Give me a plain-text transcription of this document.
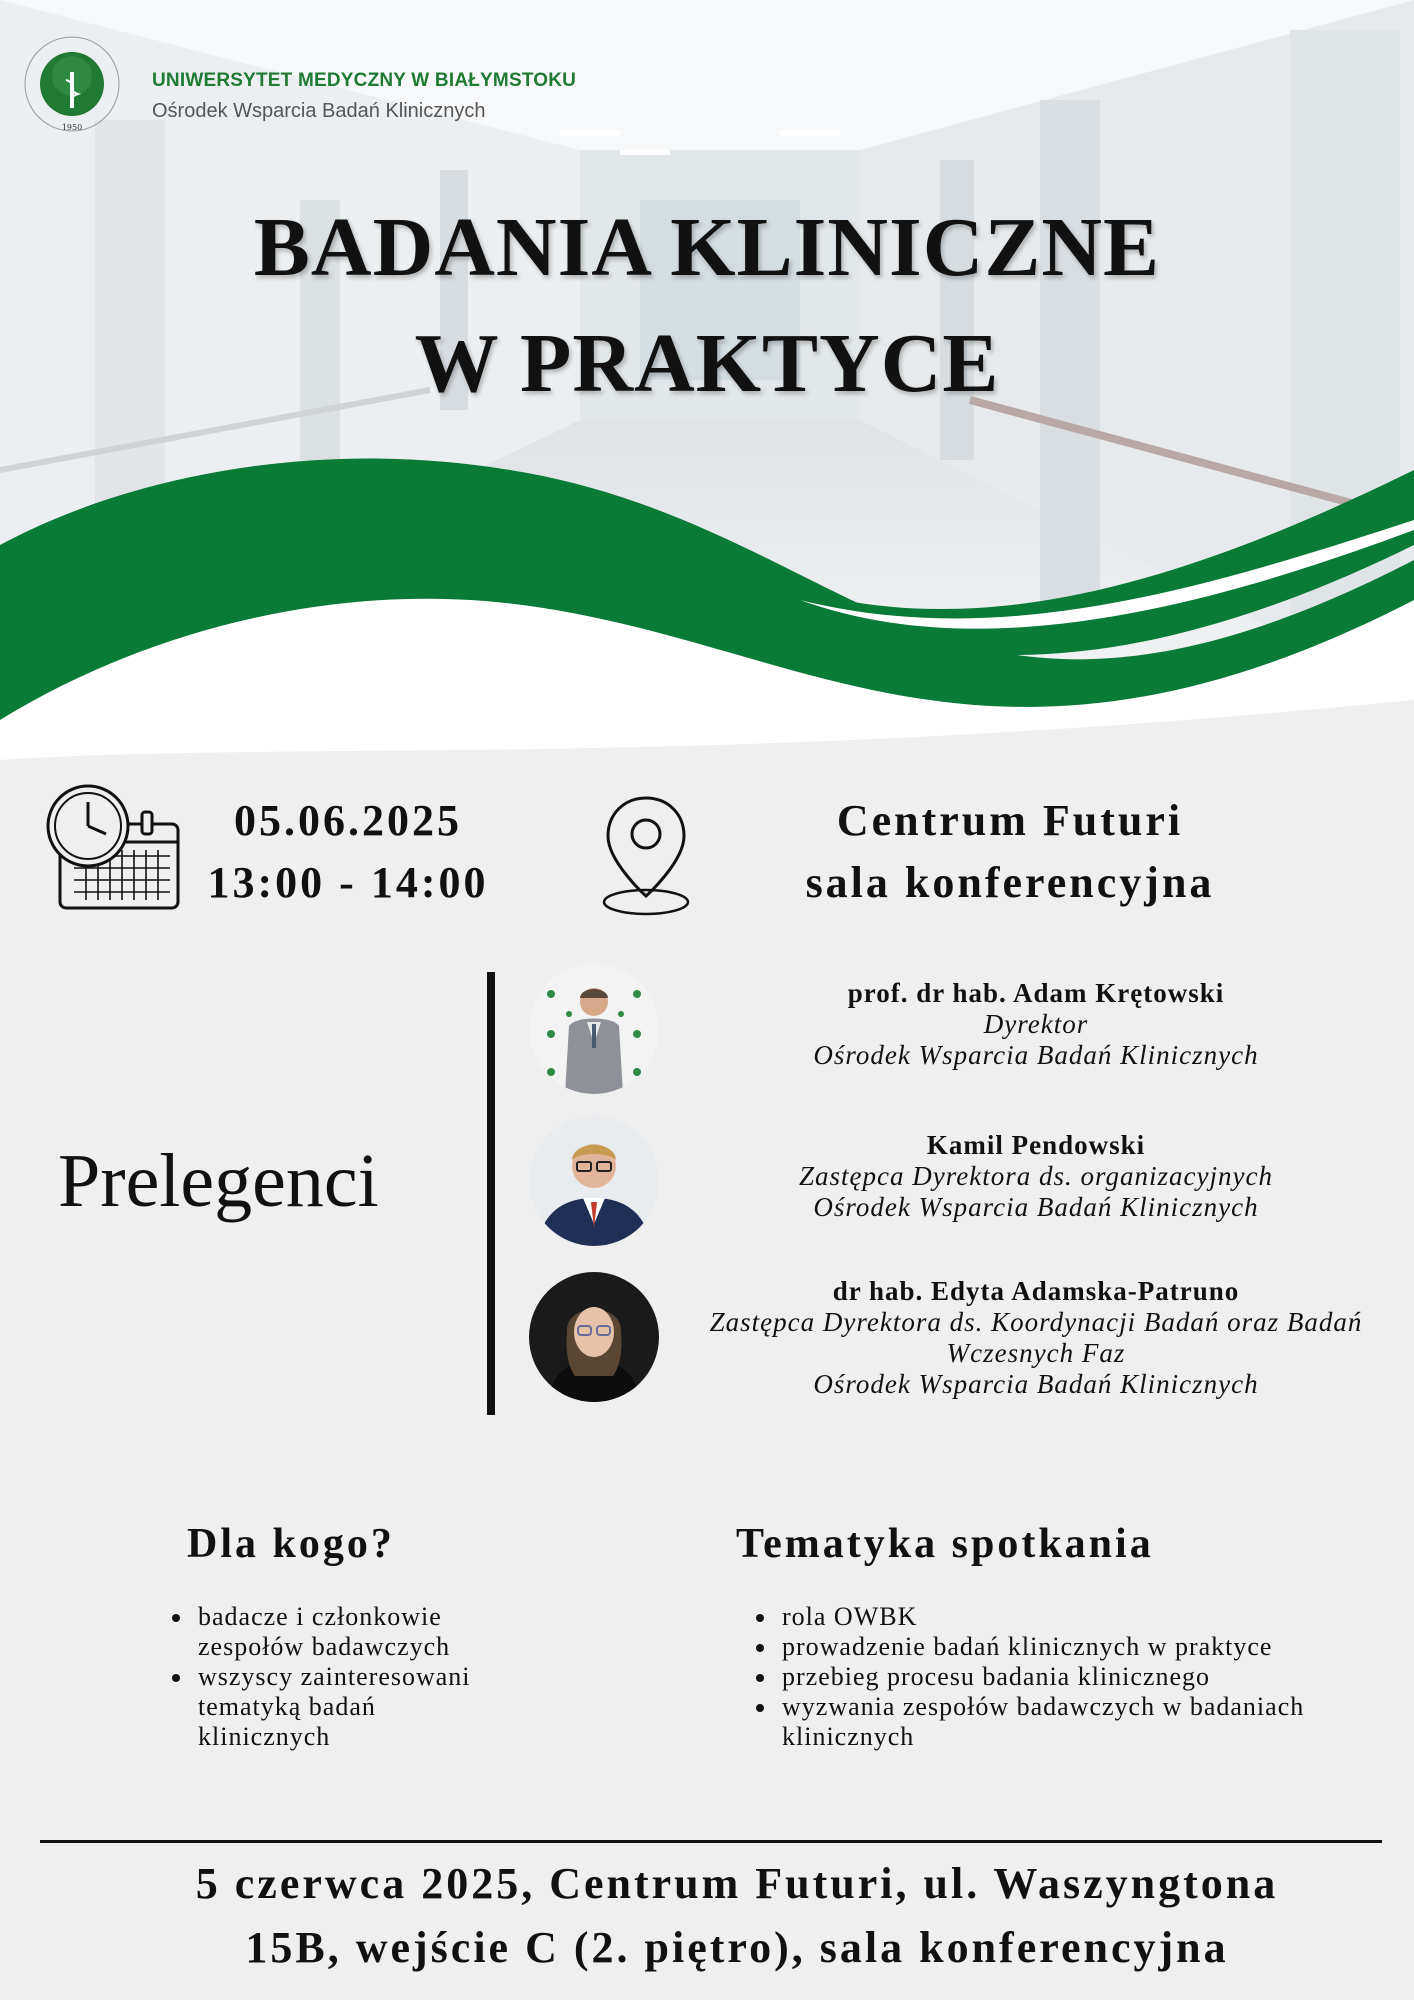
1950
UNIWERSYTET MEDYCZNY W BIAŁYMSTOKU
Ośrodek Wsparcia Badań Klinicznych
BADANIA KLINICZNE
W PRAKTYCE
05.06.2025
13:00 - 14:00
Centrum Futuri
sala konferencyjna
Prelegenci
prof. dr hab. Adam Krętowski
Dyrektor
Ośrodek Wsparcia Badań Klinicznych
Kamil Pendowski
Zastępca Dyrektora ds. organizacyjnych
Ośrodek Wsparcia Badań Klinicznych
dr hab. Edyta Adamska-Patruno
Zastępca Dyrektora ds. Koordynacji Badań oraz Badań
Wczesnych Faz
Ośrodek Wsparcia Badań Klinicznych
Dla kogo?
• badacze i członkowie zespołów badawczych
• wszyscy zainteresowani tematyką badań klinicznych
Tematyka spotkania
• rola OWBK
• prowadzenie badań klinicznych w praktyce
• przebieg procesu badania klinicznego
• wyzwania zespołów badawczych w badaniach klinicznych
5 czerwca 2025, Centrum Futuri, ul. Waszyngtona
15B, wejście C (2. piętro), sala konferencyjna
